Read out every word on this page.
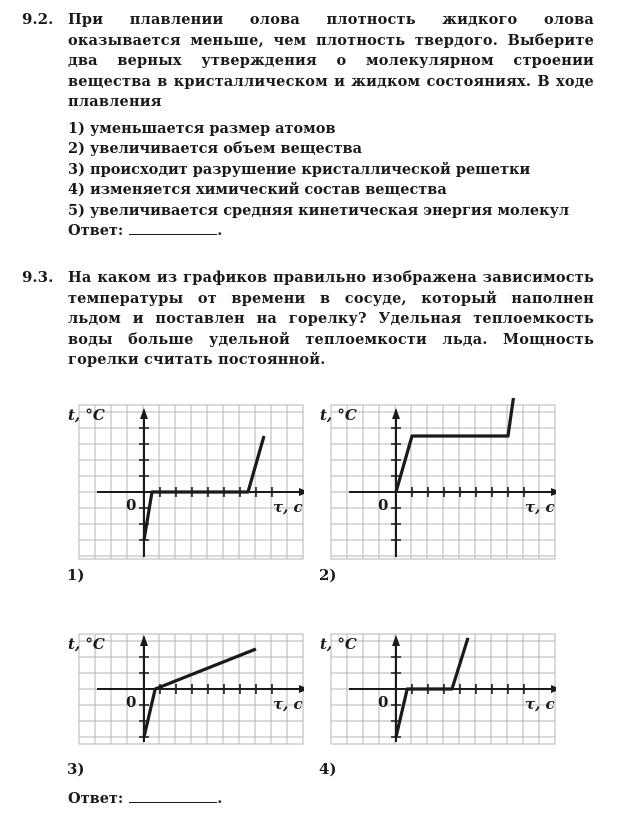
9.2. При плавлении олова плотность жидкого олова оказывается меньше, чем плотность твердого. Выберите два верных утверждения о молекулярном строении вещества в кристаллическом и жидком состояниях. В ходе плавления
1) уменьшается размер атомов
2) увеличивается объем вещества
3) происходит разрушение кристаллической решетки
4) изменяется химический состав вещества
5) увеличивается средняя кинетическая энергия молекул
Ответ:	.
9.3. На каком из графиков правильно изображена зависимость температуры от времени в сосуде, который наполнен льдом и поставлен на горелку? Удельная теплоемкость воды больше удельной теплоемкости льда. Мощность горелки считать постоянной.
t, °C
τ, c
0
t, °C
τ, c
0
t, °C
τ, c
0
t, °C
τ, c
0
1)	2)
3)	4)
Ответ:	.
